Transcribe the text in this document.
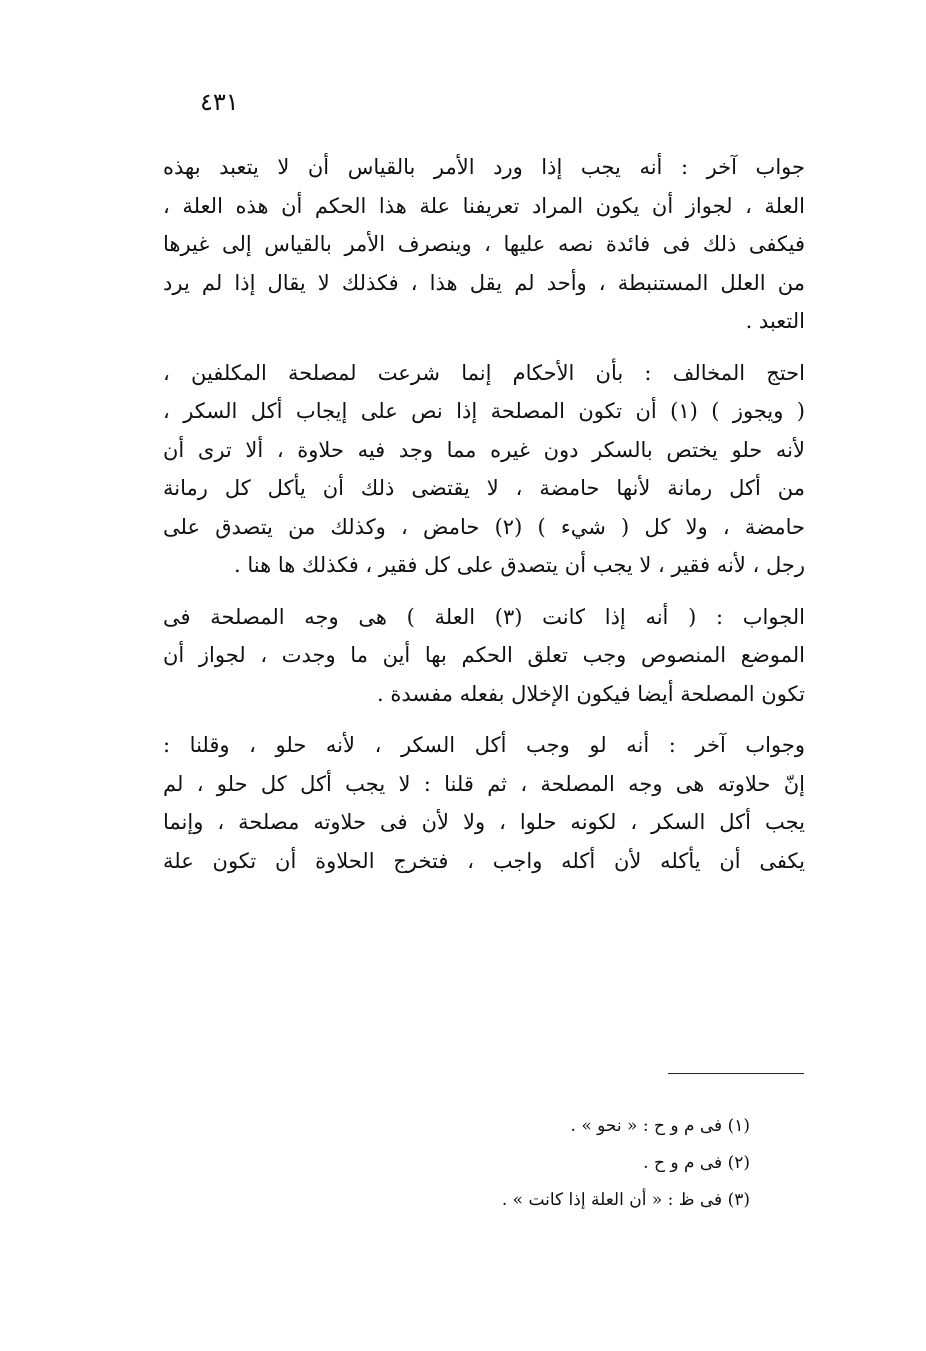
٤٣١

جواب آخر : أنه يجب إذا ورد الأمر بالقياس أن لا يتعبد بهذه
العلة ، لجواز أن يكون المراد تعريفنا علة هذا الحكم أن هذه العلة ،
فيكفى ذلك فى فائدة نصه عليها ، وينصرف الأمر بالقياس إلى غيرها
من العلل المستنبطة ، وأحد لم يقل هذا ، فكذلك لا يقال إذا لم يرد
التعبد .

احتج المخالف : بأن الأحكام إنما شرعت لمصلحة المكلفين ،
( ويجوز ) (١) أن تكون المصلحة إذا نص على إيجاب أكل السكر ،
لأنه حلو يختص بالسكر دون غيره مما وجد فيه حلاوة ، ألا ترى أن
من أكل رمانة لأنها حامضة ، لا يقتضى ذلك أن يأكل كل رمانة
حامضة ، ولا كل ( شيء ) (٢) حامض ، وكذلك من يتصدق على
رجل ، لأنه فقير ، لا يجب أن يتصدق على كل فقير ، فكذلك ها هنا .

الجواب : ( أنه إذا كانت (٣) العلة ) هى وجه المصلحة فى
الموضع المنصوص وجب تعلق الحكم بها أين ما وجدت ، لجواز أن
تكون المصلحة أيضا فيكون الإخلال بفعله مفسدة .

وجواب آخر : أنه لو وجب أكل السكر ، لأنه حلو ، وقلنا :
إنّ حلاوته هى وجه المصلحة ، ثم قلنا : لا يجب أكل كل حلو ، لم
يجب أكل السكر ، لكونه حلوا ، ولا لأن فى حلاوته مصلحة ، وإنما
يكفى أن يأكله لأن أكله واجب ، فتخرج الحلاوة أن تكون علة

(١) فى م و ح : « نحو » .
(٢) فى م و ح .
(٣) فى ظ : « أن العلة إذا كانت » .
